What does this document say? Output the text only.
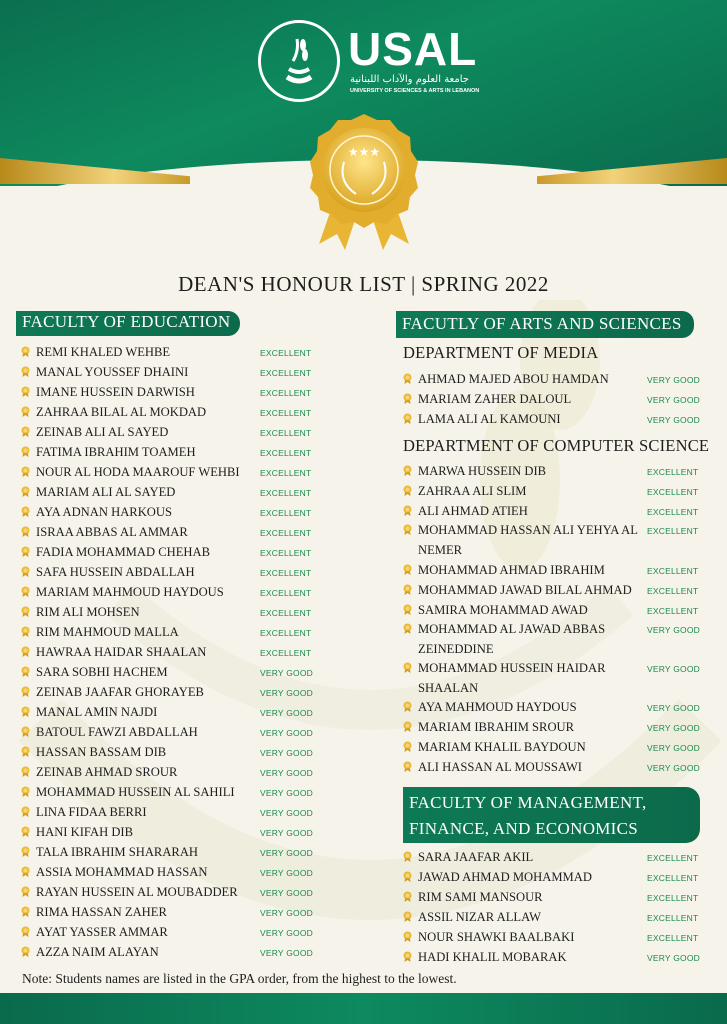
USAL
جامعة العلوم والآداب اللبنانية
UNIVERSITY OF SCIENCES & ARTS IN LEBANON
★★★
DEAN'S HONOUR LIST | SPRING 2022
FACULTY OF EDUCATION
REMI KHALED WEHBE	EXCELLENT
MANAL YOUSSEF DHAINI	EXCELLENT
IMANE HUSSEIN DARWISH	EXCELLENT
ZAHRAA BILAL AL MOKDAD	EXCELLENT
ZEINAB ALI AL SAYED	EXCELLENT
FATIMA IBRAHIM TOAMEH	EXCELLENT
NOUR AL HODA MAAROUF WEHBI EXCELLENT
MARIAM ALI AL SAYED	EXCELLENT
AYA ADNAN HARKOUS	EXCELLENT
ISRAA ABBAS AL AMMAR	EXCELLENT
FADIA MOHAMMAD CHEHAB	EXCELLENT
SAFA HUSSEIN ABDALLAH	EXCELLENT
MARIAM MAHMOUD HAYDOUS	EXCELLENT
RIM ALI MOHSEN	EXCELLENT
RIM MAHMOUD MALLA	EXCELLENT
HAWRAA HAIDAR SHAALAN	EXCELLENT
SARA SOBHI HACHEM	VERY GOOD
ZEINAB JAAFAR GHORAYEB	VERY GOOD
MANAL AMIN NAJDI	VERY GOOD
BATOUL FAWZI ABDALLAH	VERY GOOD
HASSAN BASSAM DIB	VERY GOOD
ZEINAB AHMAD SROUR	VERY GOOD
MOHAMMAD HUSSEIN AL SAHILI	VERY GOOD
LINA FIDAA BERRI	VERY GOOD
HANI KIFAH DIB	VERY GOOD
TALA IBRAHIM SHARARAH	VERY GOOD
ASSIA MOHAMMAD HASSAN	VERY GOOD
RAYAN HUSSEIN AL MOUBADDER	VERY GOOD
RIMA HASSAN ZAHER	VERY GOOD
AYAT YASSER AMMAR	VERY GOOD
AZZA NAIM ALAYAN	VERY GOOD
FACUTLY OF ARTS AND SCIENCES
DEPARTMENT OF MEDIA
AHMAD MAJED ABOU HAMDAN	VERY GOOD
MARIAM ZAHER DALOUL	VERY GOOD
LAMA ALI AL KAMOUNI	VERY GOOD
DEPARTMENT OF COMPUTER SCIENCE
MARWA HUSSEIN DIB	EXCELLENT
ZAHRAA ALI SLIM	EXCELLENT
ALI AHMAD ATIEH	EXCELLENT
MOHAMMAD HASSAN ALI YEHYA AL NEMER
EXCELLENT
MOHAMMAD AHMAD IBRAHIM	EXCELLENT
MOHAMMAD JAWAD BILAL AHMAD EXCELLENT
SAMIRA MOHAMMAD AWAD	EXCELLENT
MOHAMMAD AL JAWAD ABBAS ZEINEDDINE
VERY GOOD
MOHAMMAD HUSSEIN HAIDAR SHAALAN
VERY GOOD
AYA MAHMOUD HAYDOUS	VERY GOOD
MARIAM IBRAHIM SROUR	VERY GOOD
MARIAM KHALIL BAYDOUN	VERY GOOD
ALI HASSAN AL MOUSSAWI	VERY GOOD
FACULTY OF MANAGEMENT,
FINANCE, AND ECONOMICS
SARA JAAFAR AKIL	EXCELLENT
JAWAD AHMAD MOHAMMAD	EXCELLENT
RIM SAMI MANSOUR	EXCELLENT
ASSIL NIZAR ALLAW	EXCELLENT
NOUR SHAWKI BAALBAKI	EXCELLENT
HADI KHALIL MOBARAK	VERY GOOD
Note: Students names are listed in the GPA order, from the highest to the lowest.
